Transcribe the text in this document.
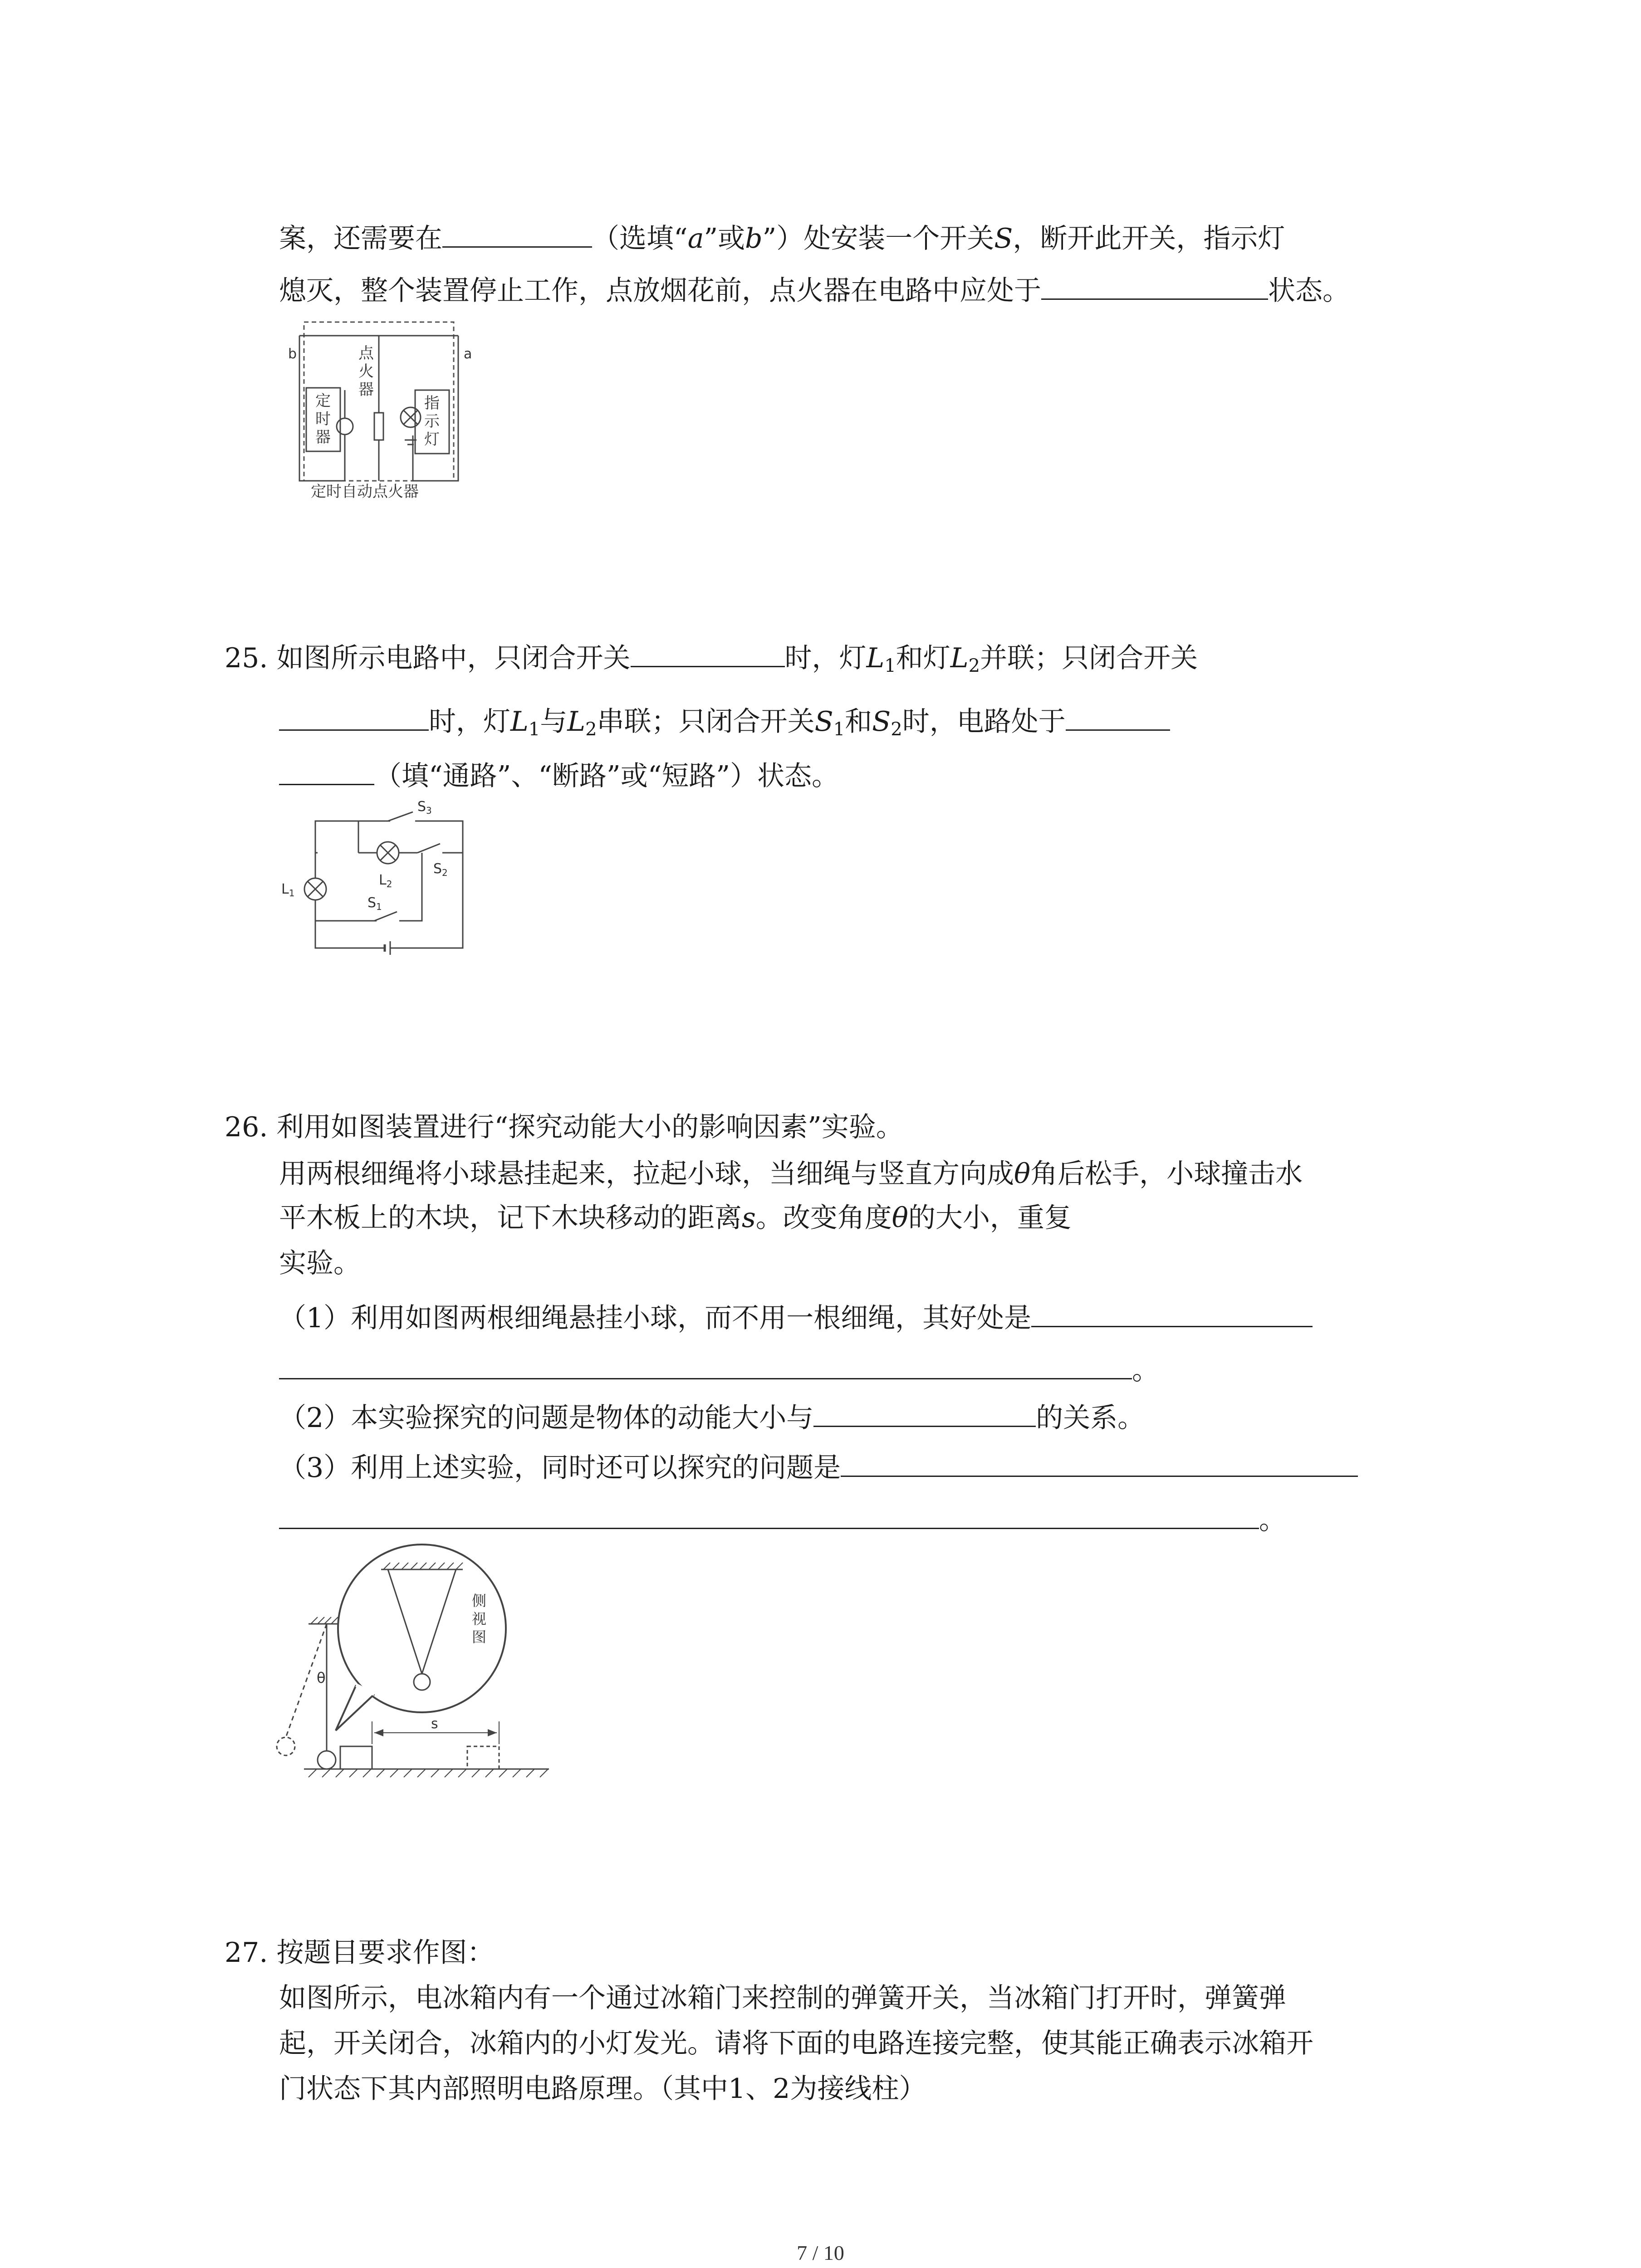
案，还需要在	（选填“a”或b”）处安装一个开关S，断开此开关，指示灯
熄灭，整个装置停止工作，点放烟花前，点火器在电路中应处于	状态。
b	a
点
火
器
定
时
器
指
示
灯
定时自动点火器
25. 如图所示电路中，只闭合开关	时，灯$L_1$和灯$L_2$并联；只闭合开关
时，灯$L_1$与$L_2$串联；只闭合开关$S_1$和$S_2$时，电路处于
（填“通路”、“断路”或“短路”）状态。
$S_3$
$S_2$
$S_1$
$L_1$
$L_2$
26. 利用如图装置进行“探究动能大小的影响因素”实验。
用两根细绳将小球悬挂起来，拉起小球，当细绳与竖直方向成θ角后松手，小球撞击水
平木板上的木块，记下木块移动的距离s。改变角度θ的大小，重复
实验。
（1）利用如图两根细绳悬挂小球，而不用一根细绳，其好处是
。
（2）本实验探究的问题是物体的动能大小与	的关系。
（3）利用上述实验，同时还可以探究的问题是
。
θ
s
侧
视
图
27. 按题目要求作图：
如图所示，电冰箱内有一个通过冰箱门来控制的弹簧开关，当冰箱门打开时，弹簧弹
起，开关闭合，冰箱内的小灯发光。请将下面的电路连接完整，使其能正确表示冰箱开
门状态下其内部照明电路原理。（其中1、2为接线柱）
7 / 10
